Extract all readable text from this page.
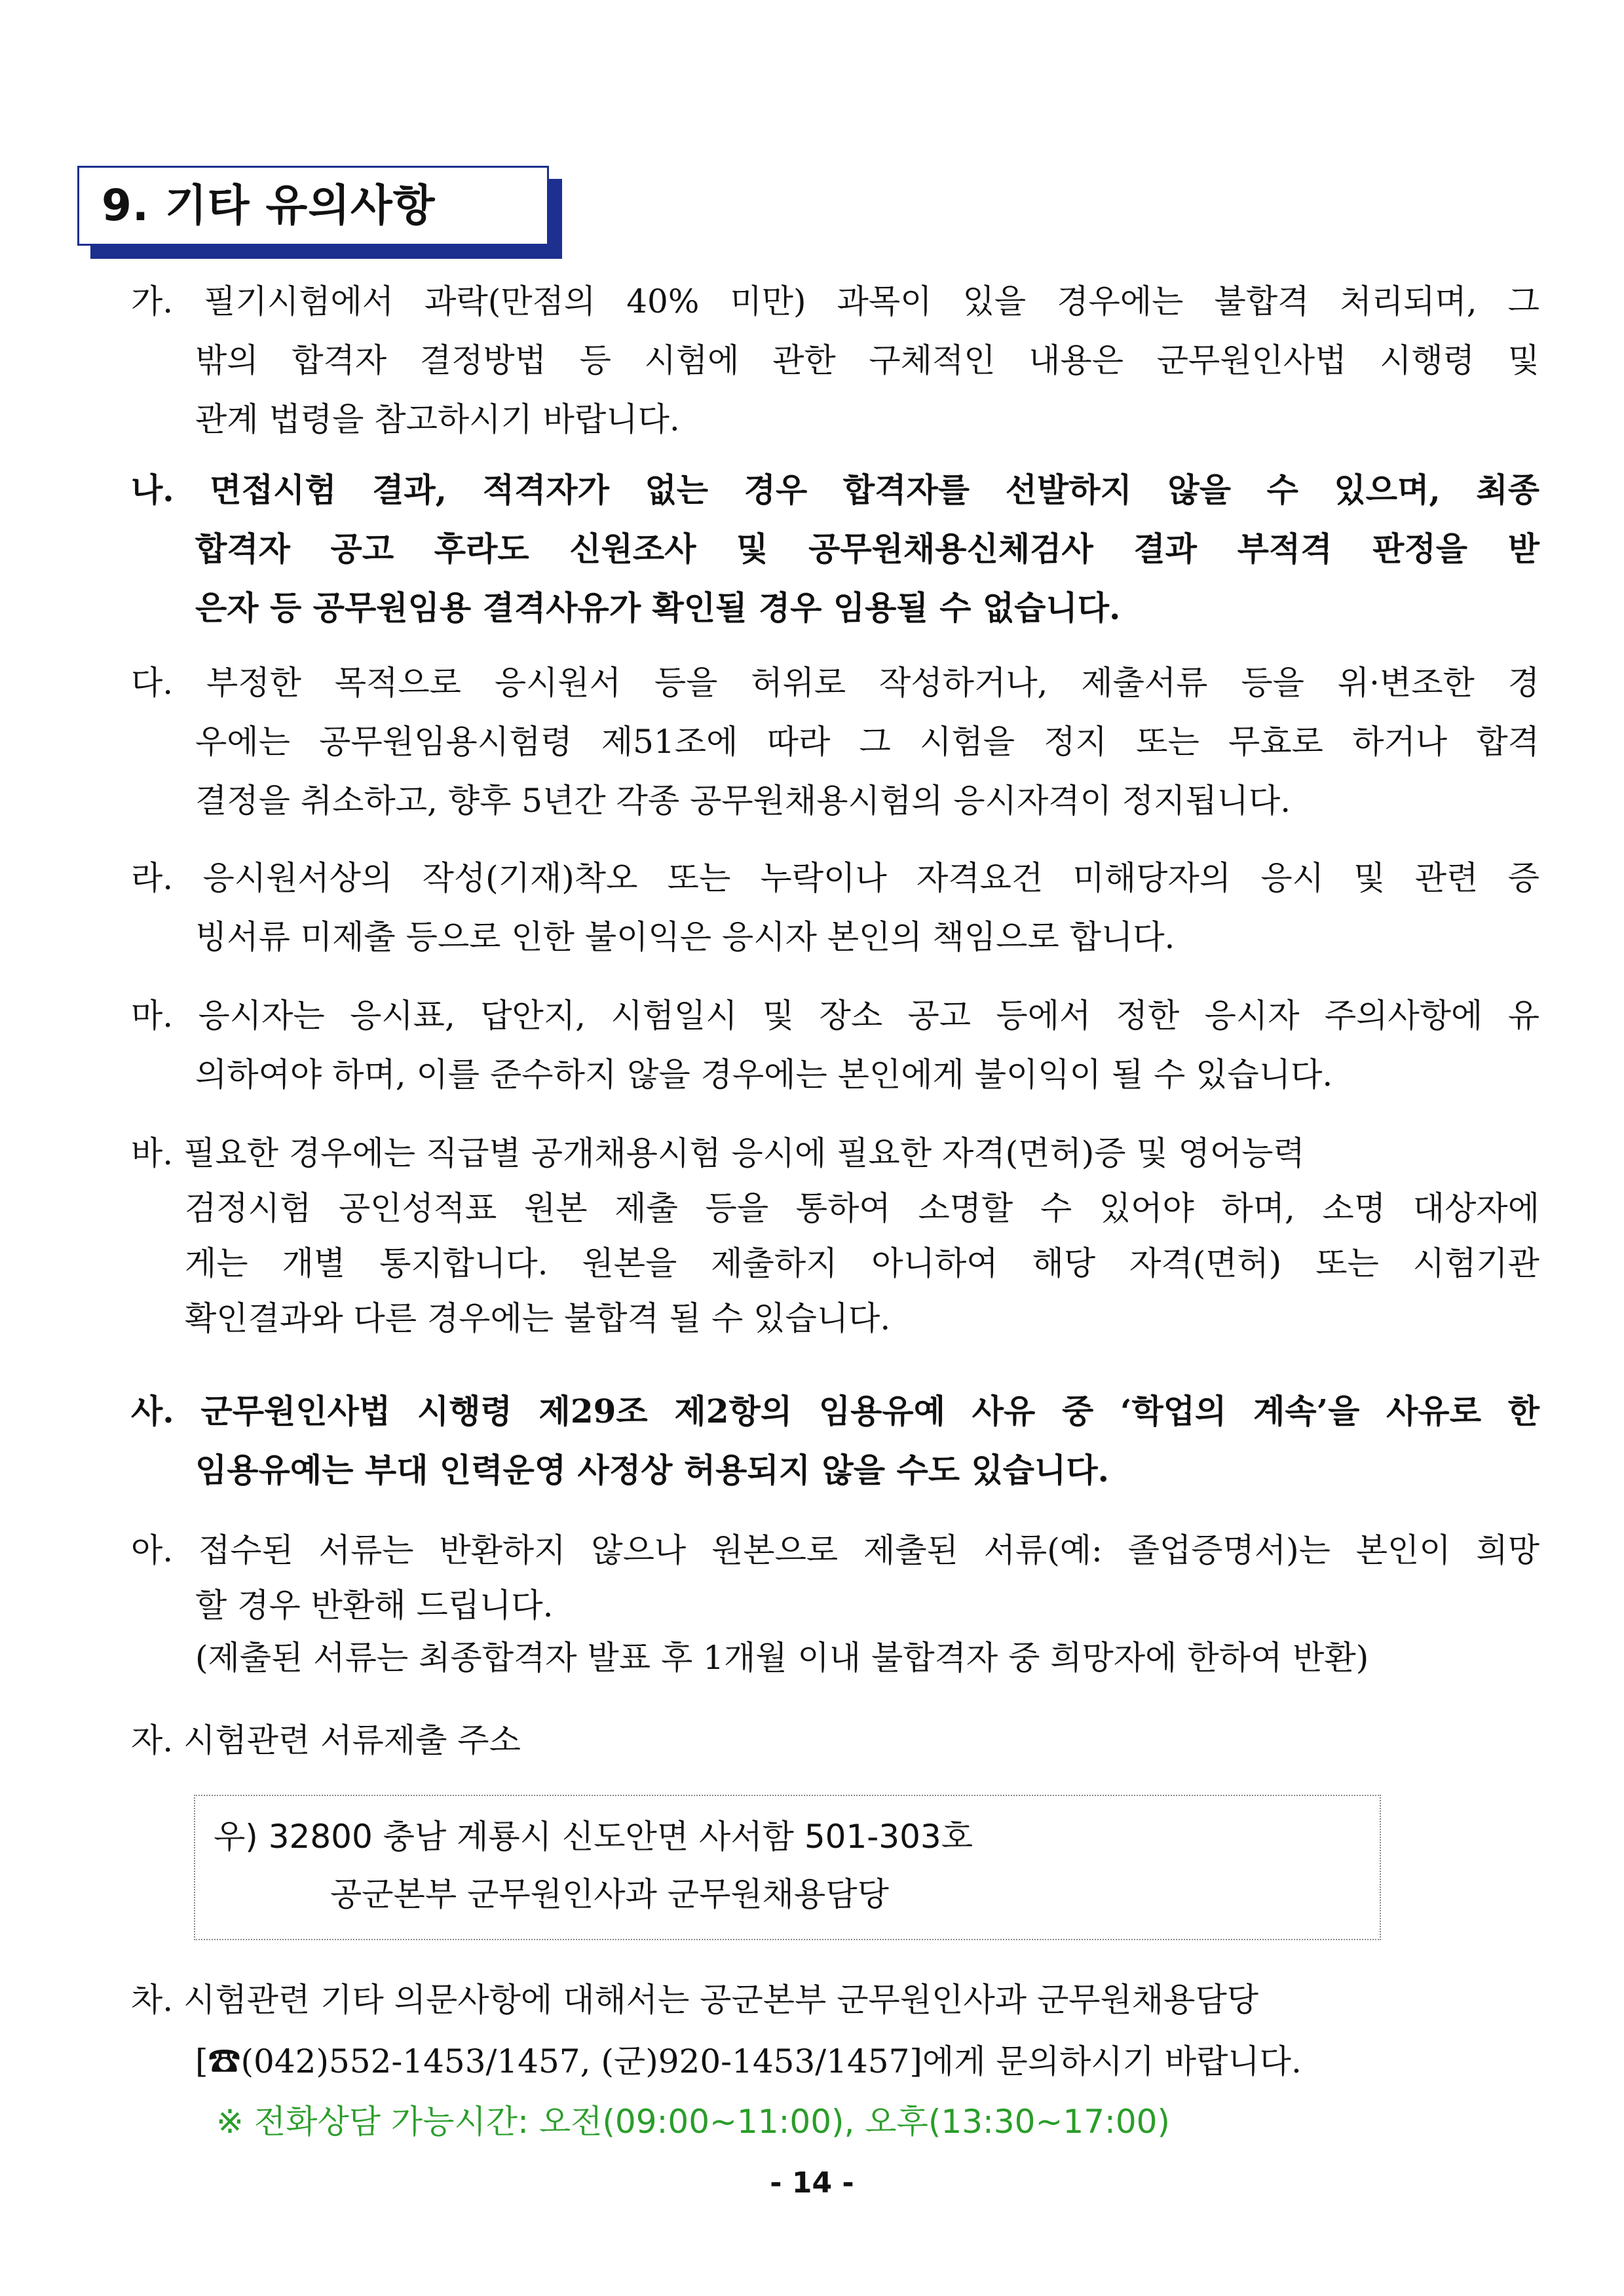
9. 기타 유의사항
가. 필기시험에서 과락(만점의 40% 미만) 과목이 있을 경우에는 불합격 처리되며, 그
밖의 합격자 결정방법 등 시험에 관한 구체적인 내용은 군무원인사법 시행령 및
관계 법령을 참고하시기 바랍니다.
나. 면접시험 결과, 적격자가 없는 경우 합격자를 선발하지 않을 수 있으며, 최종
합격자 공고 후라도 신원조사 및 공무원채용신체검사 결과 부적격 판정을 받
은자 등 공무원임용 결격사유가 확인될 경우 임용될 수 없습니다.
다. 부정한 목적으로 응시원서 등을 허위로 작성하거나, 제출서류 등을 위·변조한 경
우에는 공무원임용시험령 제51조에 따라 그 시험을 정지 또는 무효로 하거나 합격
결정을 취소하고, 향후 5년간 각종 공무원채용시험의 응시자격이 정지됩니다.
라. 응시원서상의 작성(기재)착오 또는 누락이나 자격요건 미해당자의 응시 및 관련 증
빙서류 미제출 등으로 인한 불이익은 응시자 본인의 책임으로 합니다.
마. 응시자는 응시표, 답안지, 시험일시 및 장소 공고 등에서 정한 응시자 주의사항에 유
의하여야 하며, 이를 준수하지 않을 경우에는 본인에게 불이익이 될 수 있습니다.
바. 필요한 경우에는 직급별 공개채용시험 응시에 필요한 자격(면허)증 및 영어능력
검정시험 공인성적표 원본 제출 등을 통하여 소명할 수 있어야 하며, 소명 대상자에
게는 개별 통지합니다. 원본을 제출하지 아니하여 해당 자격(면허) 또는 시험기관
확인결과와 다른 경우에는 불합격 될 수 있습니다.
사. 군무원인사법 시행령 제29조 제2항의 임용유예 사유 중 ‘학업의 계속’을 사유로 한
임용유예는 부대 인력운영 사정상 허용되지 않을 수도 있습니다.
아. 접수된 서류는 반환하지 않으나 원본으로 제출된 서류(예: 졸업증명서)는 본인이 희망
할 경우 반환해 드립니다.
(제출된 서류는 최종합격자 발표 후 1개월 이내 불합격자 중 희망자에 한하여 반환)
자. 시험관련 서류제출 주소
우) 32800 충남 계룡시 신도안면 사서함 501-303호
공군본부 군무원인사과 군무원채용담당
차. 시험관련 기타 의문사항에 대해서는 공군본부 군무원인사과 군무원채용담당
[☎(042)552-1453/1457, (군)920-1453/1457]에게 문의하시기 바랍니다.
※ 전화상담 가능시간: 오전(09:00~11:00), 오후(13:30~17:00)
- 14 -
